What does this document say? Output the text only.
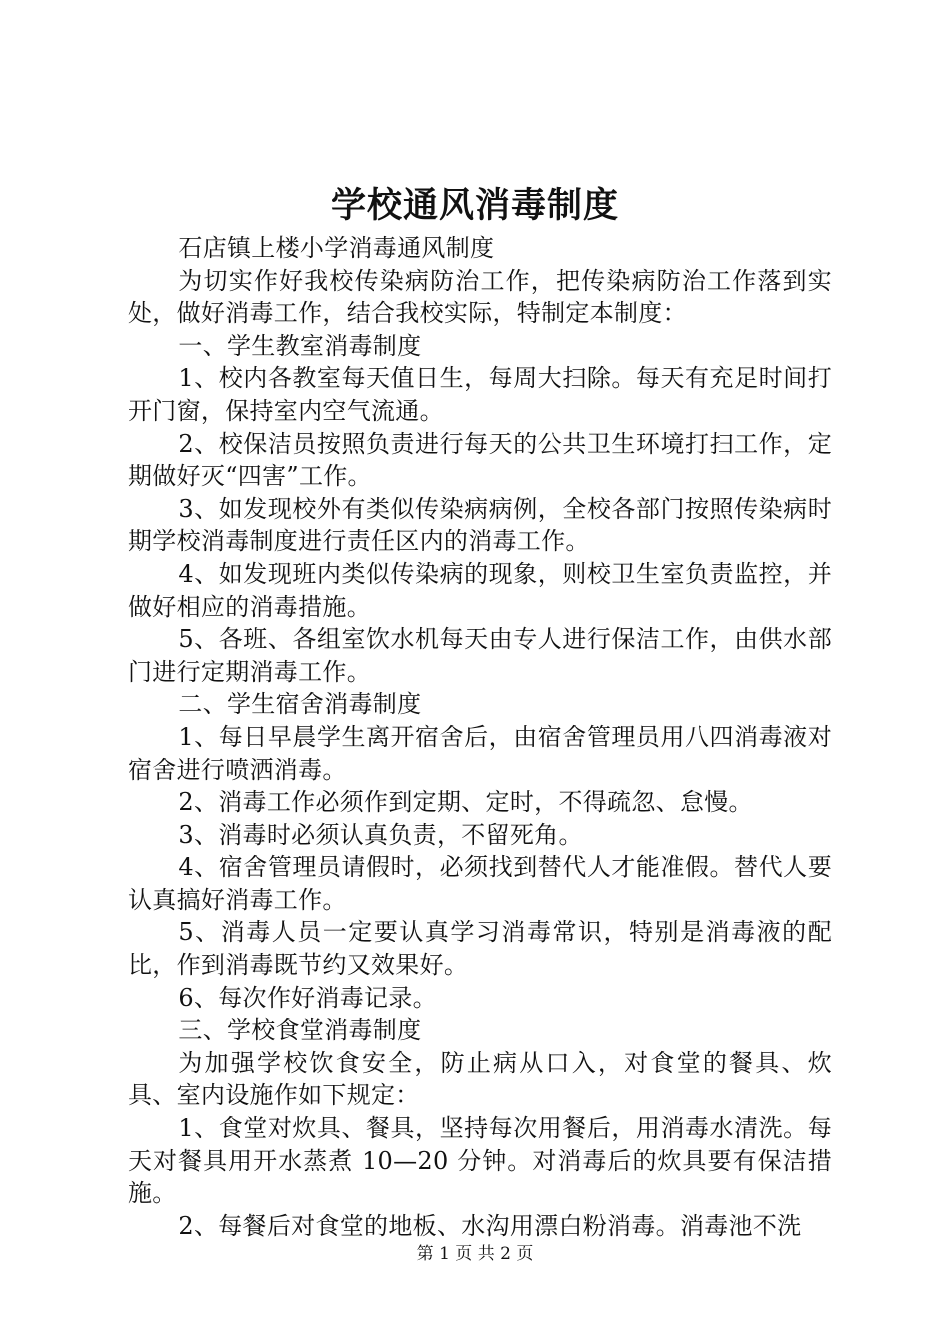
学校通风消毒制度

石店镇上楼小学消毒通风制度

为切实作好我校传染病防治工作，把传染病防治工作落到实处，做好消毒工作，结合我校实际，特制定本制度：

一、学生教室消毒制度

1、校内各教室每天值日生，每周大扫除。每天有充足时间打开门窗，保持室内空气流通。

2、校保洁员按照负责进行每天的公共卫生环境打扫工作，定期做好灭“四害”工作。

3、如发现校外有类似传染病病例，全校各部门按照传染病时期学校消毒制度进行责任区内的消毒工作。

4、如发现班内类似传染病的现象，则校卫生室负责监控，并做好相应的消毒措施。

5、各班、各组室饮水机每天由专人进行保洁工作，由供水部门进行定期消毒工作。

二、学生宿舍消毒制度

1、每日早晨学生离开宿舍后，由宿舍管理员用八四消毒液对宿舍进行喷洒消毒。

2、消毒工作必须作到定期、定时，不得疏忽、怠慢。

3、消毒时必须认真负责，不留死角。

4、宿舍管理员请假时，必须找到替代人才能准假。替代人要认真搞好消毒工作。

5、消毒人员一定要认真学习消毒常识，特别是消毒液的配比，作到消毒既节约又效果好。

6、每次作好消毒记录。

三、学校食堂消毒制度

为加强学校饮食安全，防止病从口入，对食堂的餐具、炊具、室内设施作如下规定：

1、食堂对炊具、餐具，坚持每次用餐后，用消毒水清洗。每天对餐具用开水蒸煮 10—20 分钟。对消毒后的炊具要有保洁措施。

2、每餐后对食堂的地板、水沟用漂白粉消毒。消毒池不洗

第 1 页 共 2 页
